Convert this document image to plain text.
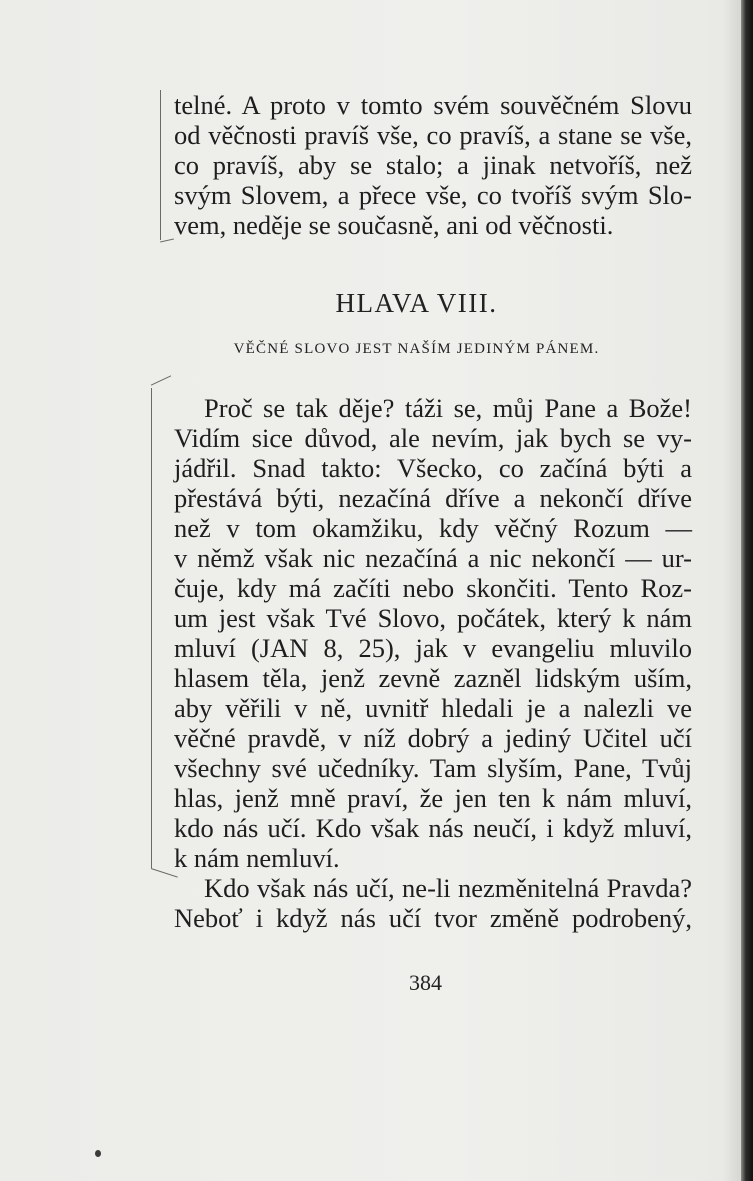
telné. A proto v tomto svém souvěčném Slovu
od věčnosti pravíš vše, co pravíš, a stane se vše,
co pravíš, aby se stalo; a jinak netvoříš, než
svým Slovem, a přece vše, co tvoříš svým Slo-
vem, neděje se současně, ani od věčnosti.
HLAVA VIII.
VĚČNÉ SLOVO JEST NAŠÍM JEDINÝM PÁNEM.
Proč se tak děje? táži se, můj Pane a Bože!
Vidím sice důvod, ale nevím, jak bych se vy-
jádřil. Snad takto: Všecko, co začíná býti a
přestává býti, nezačíná dříve a nekončí dříve
než v tom okamžiku, kdy věčný Rozum —
v němž však nic nezačíná a nic nekončí — ur-
čuje, kdy má začíti nebo skončiti. Tento Roz-
um jest však Tvé Slovo, počátek, který k nám
mluví (JAN 8, 25), jak v evangeliu mluvilo
hlasem těla, jenž zevně zazněl lidským uším,
aby věřili v ně, uvnitř hledali je a nalezli ve
věčné pravdě, v níž dobrý a jediný Učitel učí
všechny své učedníky. Tam slyším, Pane, Tvůj
hlas, jenž mně praví, že jen ten k nám mluví,
kdo nás učí. Kdo však nás neučí, i když mluví,
k nám nemluví.
Kdo však nás učí, ne-li nezměnitelná Pravda?
Neboť i když nás učí tvor změně podrobený,
384
